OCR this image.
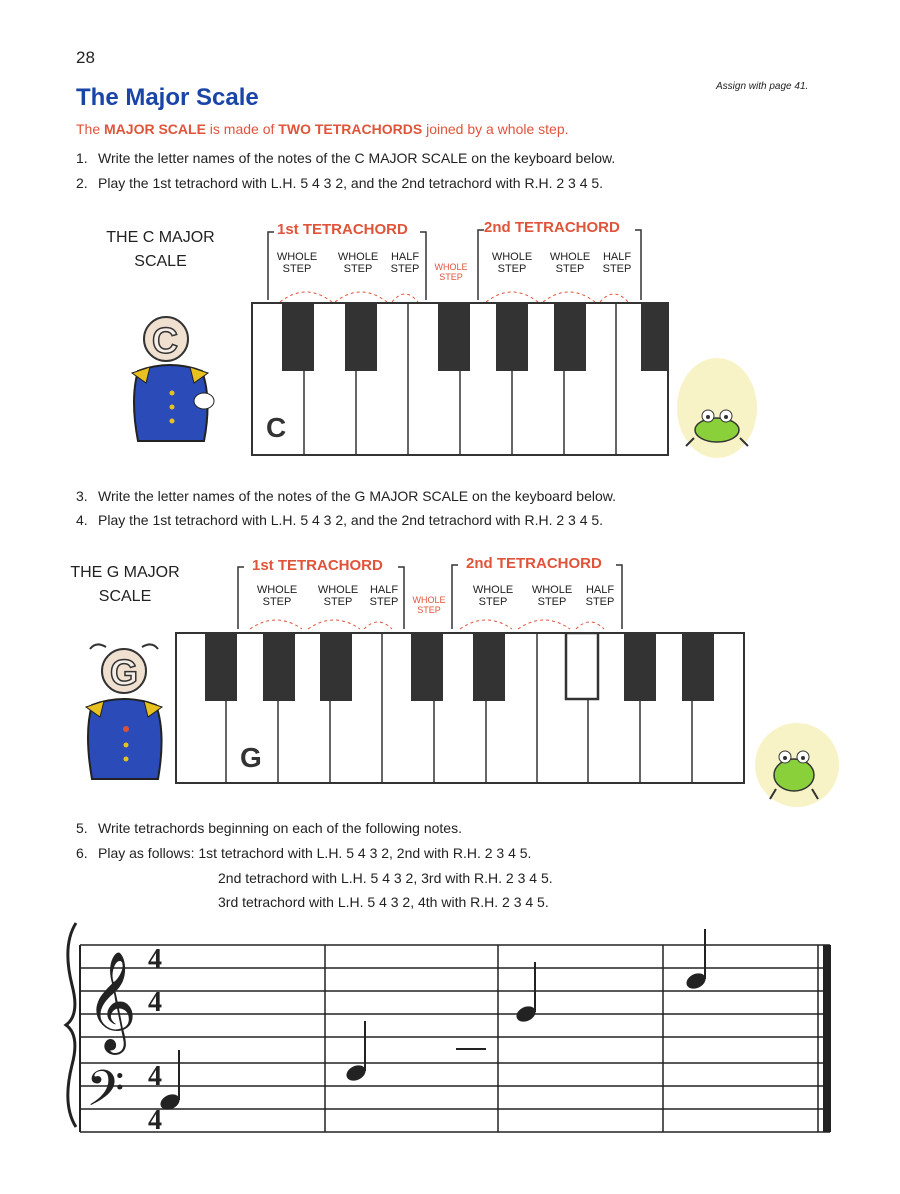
28
Assign with page 41.
The Major Scale
The MAJOR SCALE is made of TWO TETRACHORDS joined by a whole step.
1. Write the letter names of the notes of the C MAJOR SCALE on the keyboard below.
2. Play the 1st tetrachord with L.H. 5 4 3 2, and the 2nd tetrachord with R.H. 2 3 4 5.
THE C MAJOR
SCALE
1st TETRACHORD	2nd TETRACHORD
WHOLE
STEP
WHOLE
STEP
HALF
STEP	WHOLE
STEP
WHOLE
STEP
WHOLE
STEP
HALF
STEP
C
C
3. Write the letter names of the notes of the G MAJOR SCALE on the keyboard below.
4. Play the 1st tetrachord with L.H. 5 4 3 2, and the 2nd tetrachord with R.H. 2 3 4 5.
THE G MAJOR
SCALE
1st TETRACHORD	2nd TETRACHORD
WHOLE
STEP
WHOLE
STEP
HALF
STEP	WHOLE
STEP
WHOLE
STEP
WHOLE
STEP
HALF
STEP
G
G
5. Write tetrachords beginning on each of the following notes.
6. Play as follows: 1st tetrachord with L.H. 5 4 3 2, 2nd with R.H. 2 3 4 5.
2nd tetrachord with L.H. 5 4 3 2, 3rd with R.H. 2 3 4 5.
3rd tetrachord with L.H. 5 4 3 2, 4th with R.H. 2 3 4 5.
𝄞
𝄢
4
4
4
4
